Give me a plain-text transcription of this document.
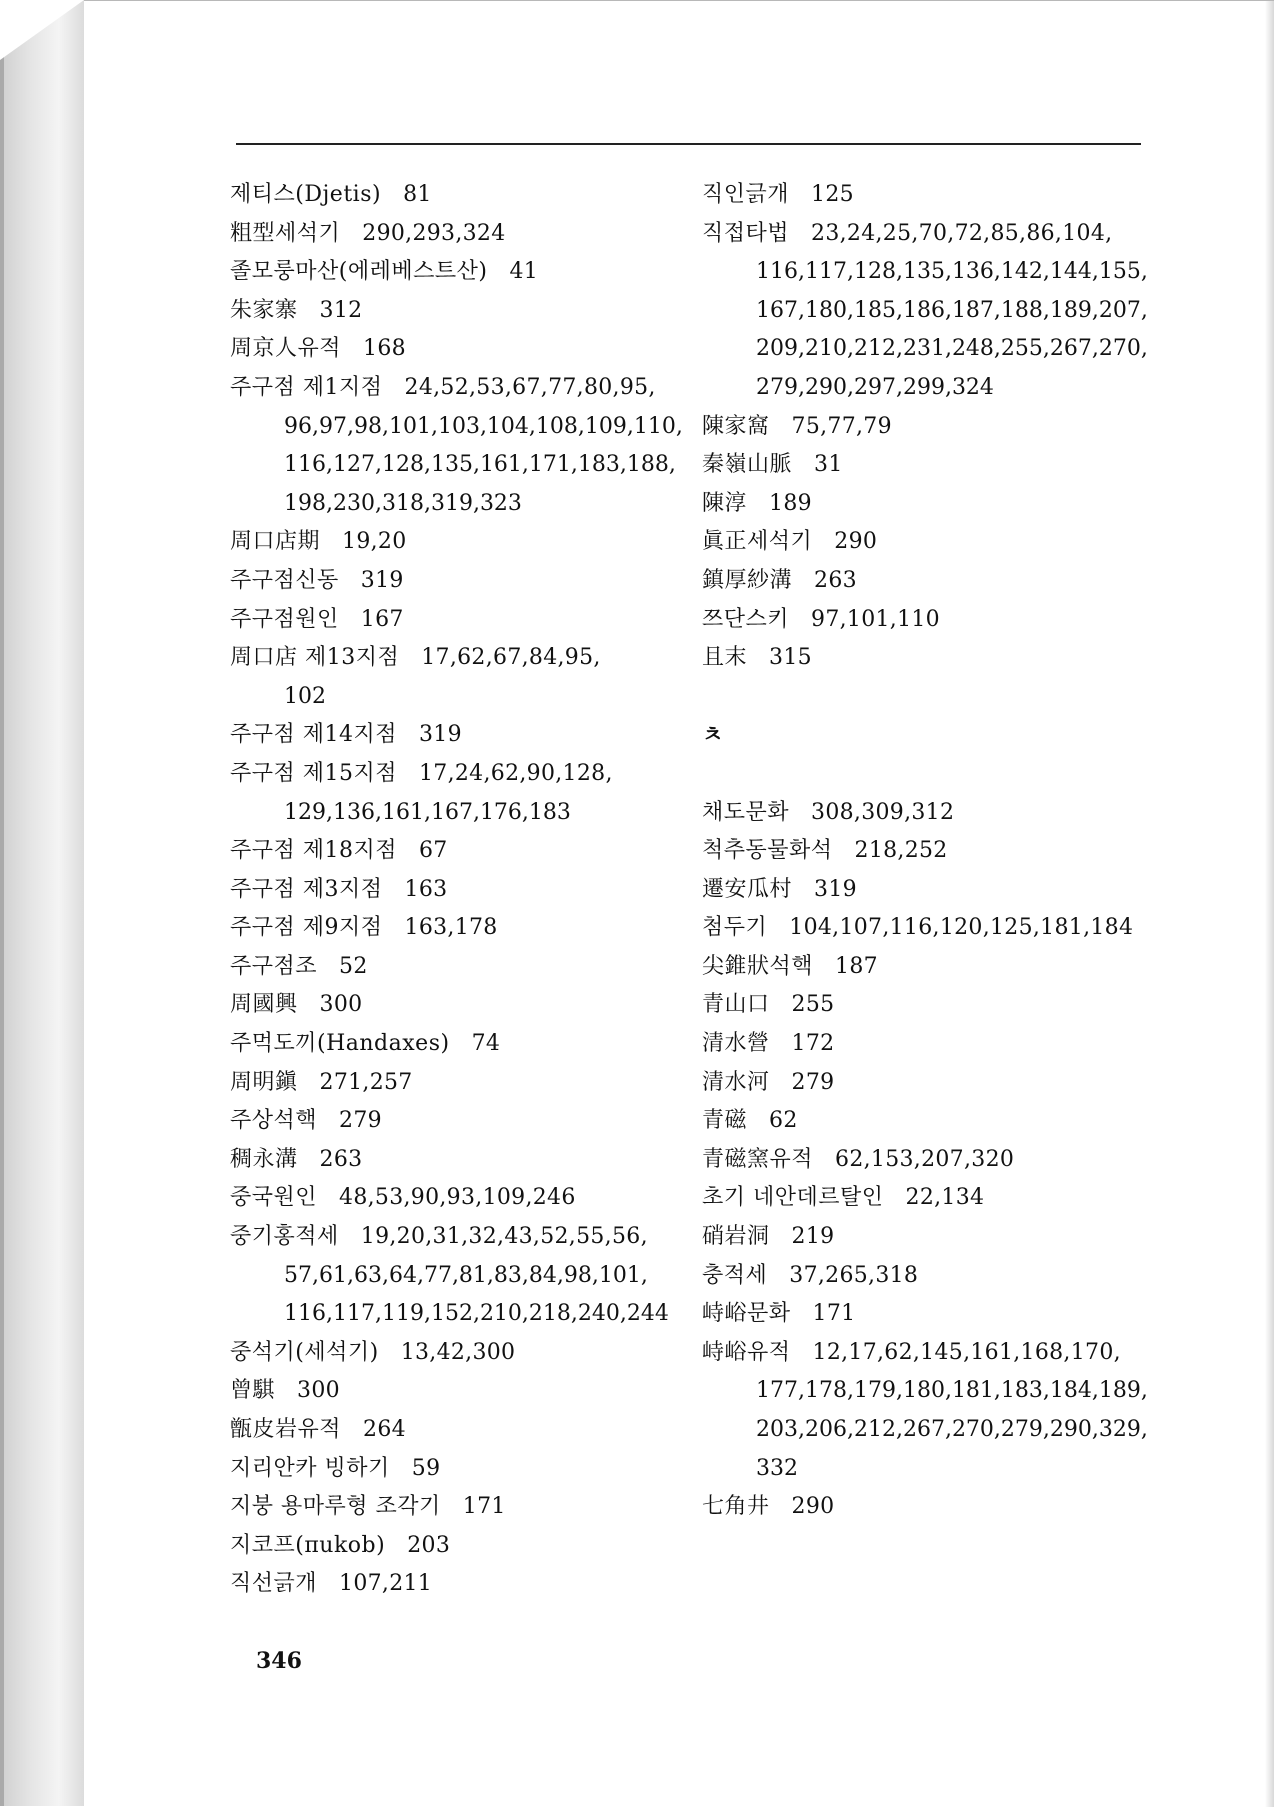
제티스(Djetis) 81
粗型세석기 290,293,324
졸모룽마산(에레베스트산) 41
朱家寨 312
周京人유적 168
주구점 제1지점 24,52,53,67,77,80,95,
96,97,98,101,103,104,108,109,110,
116,127,128,135,161,171,183,188,
198,230,318,319,323
周口店期 19,20
주구점신동 319
주구점원인 167
周口店 제13지점 17,62,67,84,95,
102
주구점 제14지점 319
주구점 제15지점 17,24,62,90,128,
129,136,161,167,176,183
주구점 제18지점 67
주구점 제3지점 163
주구점 제9지점 163,178
주구점조 52
周國興 300
주먹도끼(Handaxes) 74
周明鎭 271,257
주상석핵 279
稠永溝 263
중국원인 48,53,90,93,109,246
중기홍적세 19,20,31,32,43,52,55,56,
57,61,63,64,77,81,83,84,98,101,
116,117,119,152,210,218,240,244
중석기(세석기) 13,42,300
曾騏 300
甑皮岩유적 264
지리안카 빙하기 59
지붕 용마루형 조각기 171
지코프(πukob) 203
직선긁개 107,211
직인긁개 125
직접타법 23,24,25,70,72,85,86,104,
116,117,128,135,136,142,144,155,
167,180,185,186,187,188,189,207,
209,210,212,231,248,255,267,270,
279,290,297,299,324
陳家窩 75,77,79
秦嶺山脈 31
陳淳 189
眞正세석기 290
鎮厚紗溝 263
쯔단스키 97,101,110
且末 315
ㅊ
채도문화 308,309,312
척추동물화석 218,252
遷安瓜村 319
첨두기 104,107,116,120,125,181,184
尖錐狀석핵 187
青山口 255
清水營 172
清水河 279
青磁 62
青磁窯유적 62,153,207,320
초기 네안데르탈인 22,134
硝岩洞 219
충적세 37,265,318
峙峪문화 171
峙峪유적 12,17,62,145,161,168,170,
177,178,179,180,181,183,184,189,
203,206,212,267,270,279,290,329,
332
七角井 290
346
